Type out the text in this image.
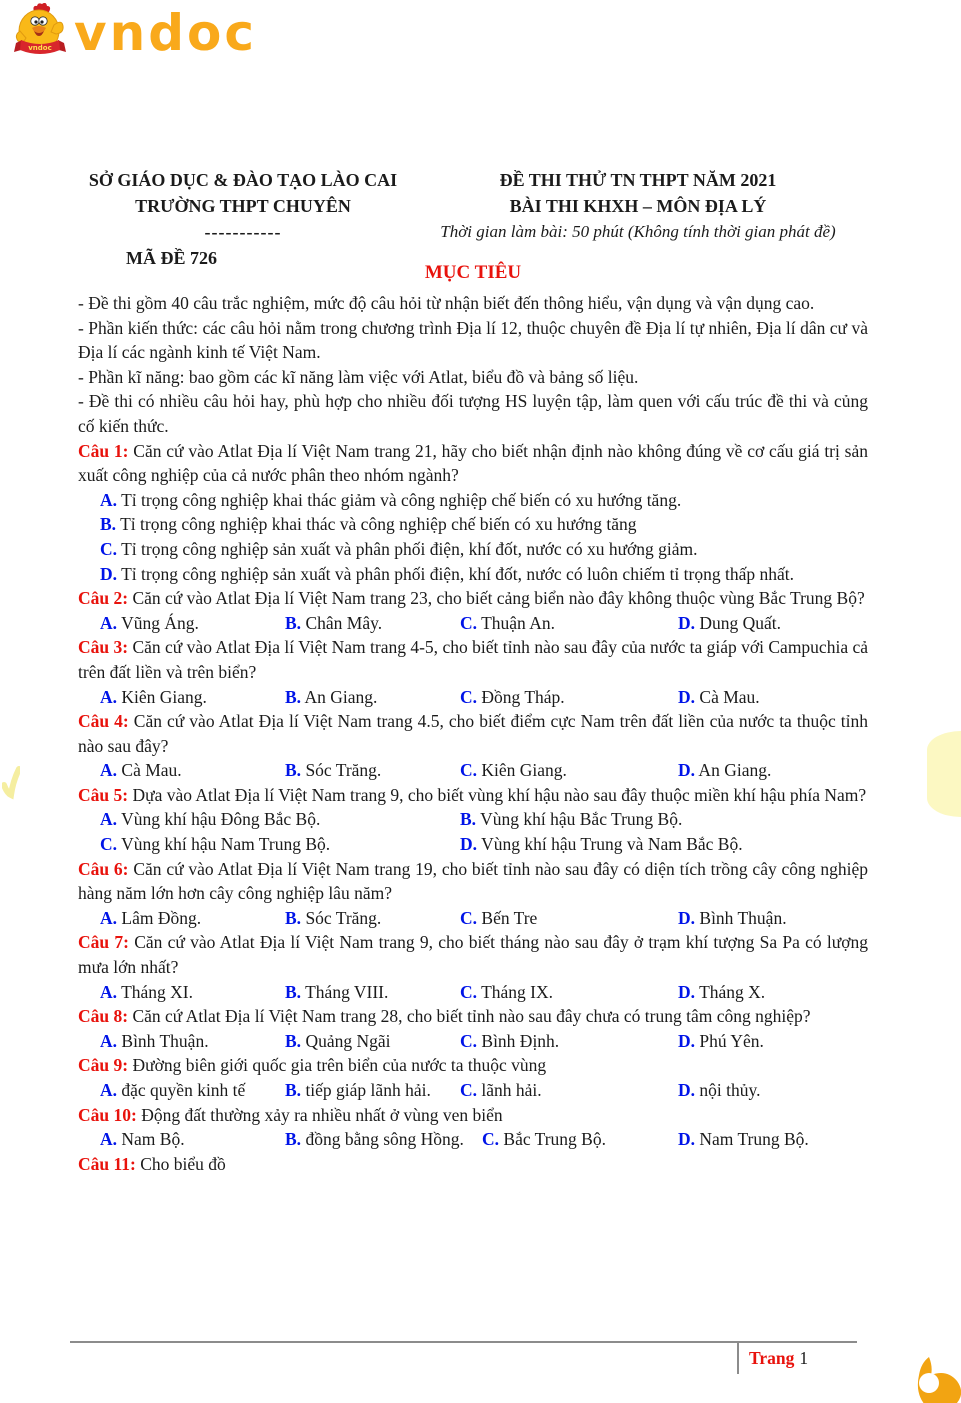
vndoc vndoc
SỞ GIÁO DỤC & ĐÀO TẠO LÀO CAI
TRƯỜNG THPT CHUYÊN
-----------
MÃ ĐỀ 726
ĐỀ THI THỬ TN THPT NĂM 2021
BÀI THI KHXH – MÔN ĐỊA LÝ
Thời gian làm bài: 50 phút (Không tính thời gian phát đề)
MỤC TIÊU
- Đề thi gồm 40 câu trắc nghiệm, mức độ câu hỏi từ nhận biết đến thông hiểu, vận dụng và vận dụng cao.
- Phần kiến thức: các câu hỏi nằm trong chương trình Địa lí 12, thuộc chuyên đề Địa lí tự nhiên, Địa lí dân cư và Địa lí các ngành kinh tế Việt Nam.
- Phần kĩ năng: bao gồm các kĩ năng làm việc với Atlat, biểu đồ và bảng số liệu.
- Đề thi có nhiều câu hỏi hay, phù hợp cho nhiều đối tượng HS luyện tập, làm quen với cấu trúc đề thi và củng cố kiến thức.
Câu 1: Căn cứ vào Atlat Địa lí Việt Nam trang 21, hãy cho biết nhận định nào không đúng về cơ cấu giá trị sản xuất công nghiệp của cả nước phân theo nhóm ngành?
A. Tỉ trọng công nghiệp khai thác giảm và công nghiệp chế biến có xu hướng tăng.
B. Tỉ trọng công nghiệp khai thác và công nghiệp chế biến có xu hướng tăng
C. Tỉ trọng công nghiệp sản xuất và phân phối điện, khí đốt, nước có xu hướng giảm.
D. Tỉ trọng công nghiệp sản xuất và phân phối điện, khí đốt, nước có luôn chiếm tỉ trọng thấp nhất.
Câu 2: Căn cứ vào Atlat Địa lí Việt Nam trang 23, cho biết cảng biển nào đây không thuộc vùng Bắc Trung Bộ?
A. Vũng Áng.	B. Chân Mây.	C. Thuận An.	D. Dung Quất.
Câu 3: Căn cứ vào Atlat Địa lí Việt Nam trang 4-5, cho biết tỉnh nào sau đây của nước ta giáp với Campuchia cả trên đất liền và trên biển?
A. Kiên Giang.	B. An Giang.	C. Đồng Tháp.	D. Cà Mau.
Câu 4: Căn cứ vào Atlat Địa lí Việt Nam trang 4.5, cho biết điểm cực Nam trên đất liền của nước ta thuộc tỉnh nào sau đây?
A. Cà Mau.	B. Sóc Trăng.	C. Kiên Giang.	D. An Giang.
Câu 5: Dựa vào Atlat Địa lí Việt Nam trang 9, cho biết vùng khí hậu nào sau đây thuộc miền khí hậu phía Nam?
A. Vùng khí hậu Đông Bắc Bộ.	B. Vùng khí hậu Bắc Trung Bộ.
C. Vùng khí hậu Nam Trung Bộ.	D. Vùng khí hậu Trung và Nam Bắc Bộ.
Câu 6: Căn cứ vào Atlat Địa lí Việt Nam trang 19, cho biết tỉnh nào sau đây có diện tích trồng cây công nghiệp hàng năm lớn hơn cây công nghiệp lâu năm?
A. Lâm Đồng.	B. Sóc Trăng.	C. Bến Tre	D. Bình Thuận.
Câu 7: Căn cứ vào Atlat Địa lí Việt Nam trang 9, cho biết tháng nào sau đây ở trạm khí tượng Sa Pa có lượng mưa lớn nhất?
A. Tháng XI.	B. Tháng VIII.	C. Tháng IX.	D. Tháng X.
Câu 8: Căn cứ Atlat Địa lí Việt Nam trang 28, cho biết tỉnh nào sau đây chưa có trung tâm công nghiệp?
A. Bình Thuận.	B. Quảng Ngãi	C. Bình Định.	D. Phú Yên.
Câu 9: Đường biên giới quốc gia trên biển của nước ta thuộc vùng
A. đặc quyền kinh tế	B. tiếp giáp lãnh hải.	C. lãnh hải.	D. nội thủy.
Câu 10: Động đất thường xảy ra nhiều nhất ở vùng ven biển
A. Nam Bộ.	B. đồng bằng sông Hồng.	C. Bắc Trung Bộ.	D. Nam Trung Bộ.
Câu 11: Cho biểu đồ
Trang 1
